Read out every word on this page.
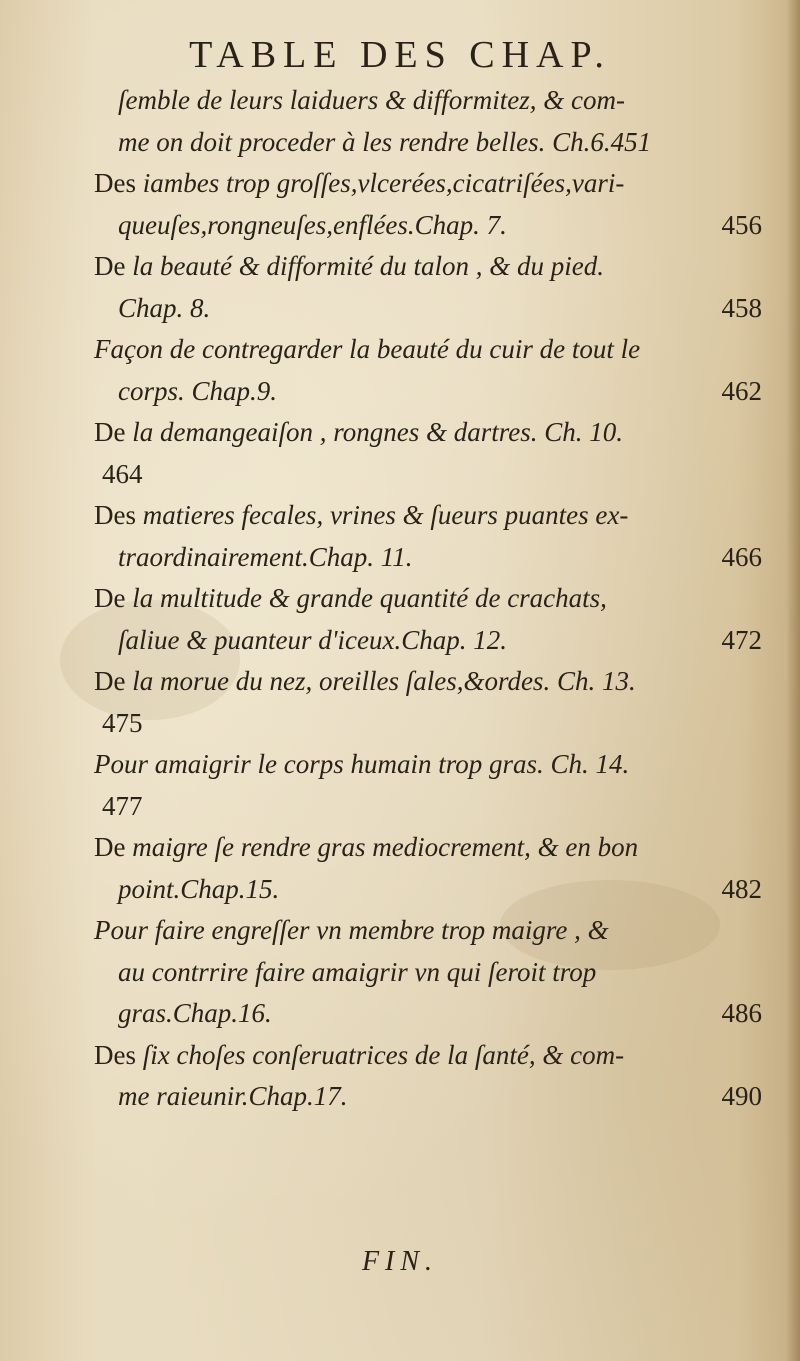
TABLE DES CHAP.
ſemble de leurs laiduers & difformitez, & com-
me on doit proceder à les rendre belles. Ch.6.451
Des iambes trop groſſes,vlcerées,cicatriſées,vari-
queuſes,rongneuſes,enflées.Chap. 7.	456
De la beauté & difformité du talon , & du pied.
Chap. 8.	458
Façon de contregarder la beauté du cuir de tout le
corps. Chap.9.	462
De la demangeaiſon , rongnes & dartres. Ch. 10.
464
Des matieres fecales, vrines & ſueurs puantes ex-
traordinairement.Chap. 11.	466
De la multitude & grande quantité de crachats,
ſaliue & puanteur d'iceux.Chap. 12.	472
De la morue du nez, oreilles ſales,&ordes. Ch. 13.
475
Pour amaigrir le corps humain trop gras. Ch. 14.
477
De maigre ſe rendre gras mediocrement, & en bon
point.Chap.15.	482
Pour faire engreſſer vn membre trop maigre , &
au contrrire faire amaigrir vn qui ſeroit trop
gras.Chap.16.	486
Des ſix choſes conſeruatrices de la ſanté, & com-
me raieunir.Chap.17.	490
FIN.
